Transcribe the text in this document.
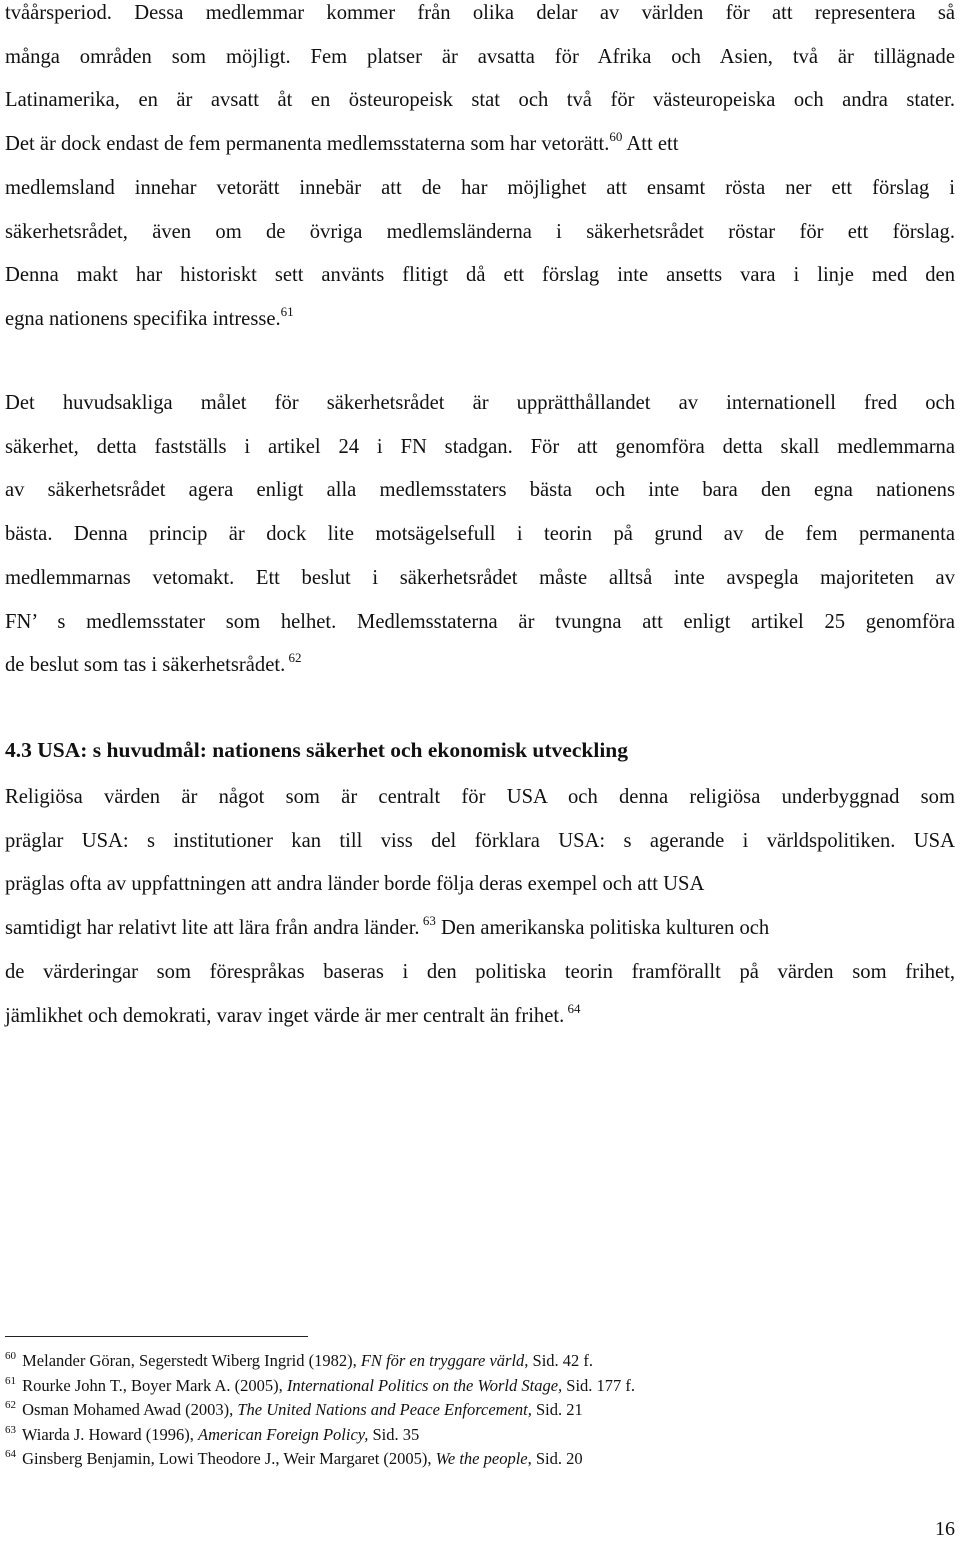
tvåårsperiod. Dessa medlemmar kommer från olika delar av världen för att representera så
många områden som möjligt. Fem platser är avsatta för Afrika och Asien, två är tillägnade
Latinamerika, en är avsatt åt en östeuropeisk stat och två för västeuropeiska och andra stater.
Det är dock endast de fem permanenta medlemsstaterna som har vetorätt.$^{60}$ Att ett
medlemsland innehar vetorätt innebär att de har möjlighet att ensamt rösta ner ett förslag i
säkerhetsrådet, även om de övriga medlemsländerna i säkerhetsrådet röstar för ett förslag.
Denna makt har historiskt sett använts flitigt då ett förslag inte ansetts vara i linje med den
egna nationens specifika intresse.$^{61}$
Det huvudsakliga målet för säkerhetsrådet är upprätthållandet av internationell fred och
säkerhet, detta fastställs i artikel 24 i FN stadgan. För att genomföra detta skall medlemmarna
av säkerhetsrådet agera enligt alla medlemsstaters bästa och inte bara den egna nationens
bästa. Denna princip är dock lite motsägelsefull i teorin på grund av de fem permanenta
medlemmarnas vetomakt. Ett beslut i säkerhetsrådet måste alltså inte avspegla majoriteten av
FN’ s medlemsstater som helhet. Medlemsstaterna är tvungna att enligt artikel 25 genomföra
de beslut som tas i säkerhetsrådet. $^{62}$
4.3 USA: s huvudmål: nationens säkerhet och ekonomisk utveckling
Religiösa värden är något som är centralt för USA och denna religiösa underbyggnad som
präglar USA: s institutioner kan till viss del förklara USA: s agerande i världspolitiken. USA
präglas ofta av uppfattningen att andra länder borde följa deras exempel och att USA
samtidigt har relativt lite att lära från andra länder. $^{63}$ Den amerikanska politiska kulturen och
de värderingar som förespråkas baseras i den politiska teorin framförallt på värden som frihet,
jämlikhet och demokrati, varav inget värde är mer centralt än frihet. $^{64}$
$^{60}$ Melander Göran, Segerstedt Wiberg Ingrid (1982), FN för en tryggare värld, Sid. 42 f.
$^{61}$ Rourke John T., Boyer Mark A. (2005), International Politics on the World Stage, Sid. 177 f.
$^{62}$ Osman Mohamed Awad (2003), The United Nations and Peace Enforcement, Sid. 21
$^{63}$ Wiarda J. Howard (1996), American Foreign Policy, Sid. 35
$^{64}$ Ginsberg Benjamin, Lowi Theodore J., Weir Margaret (2005), We the people, Sid. 20
16
